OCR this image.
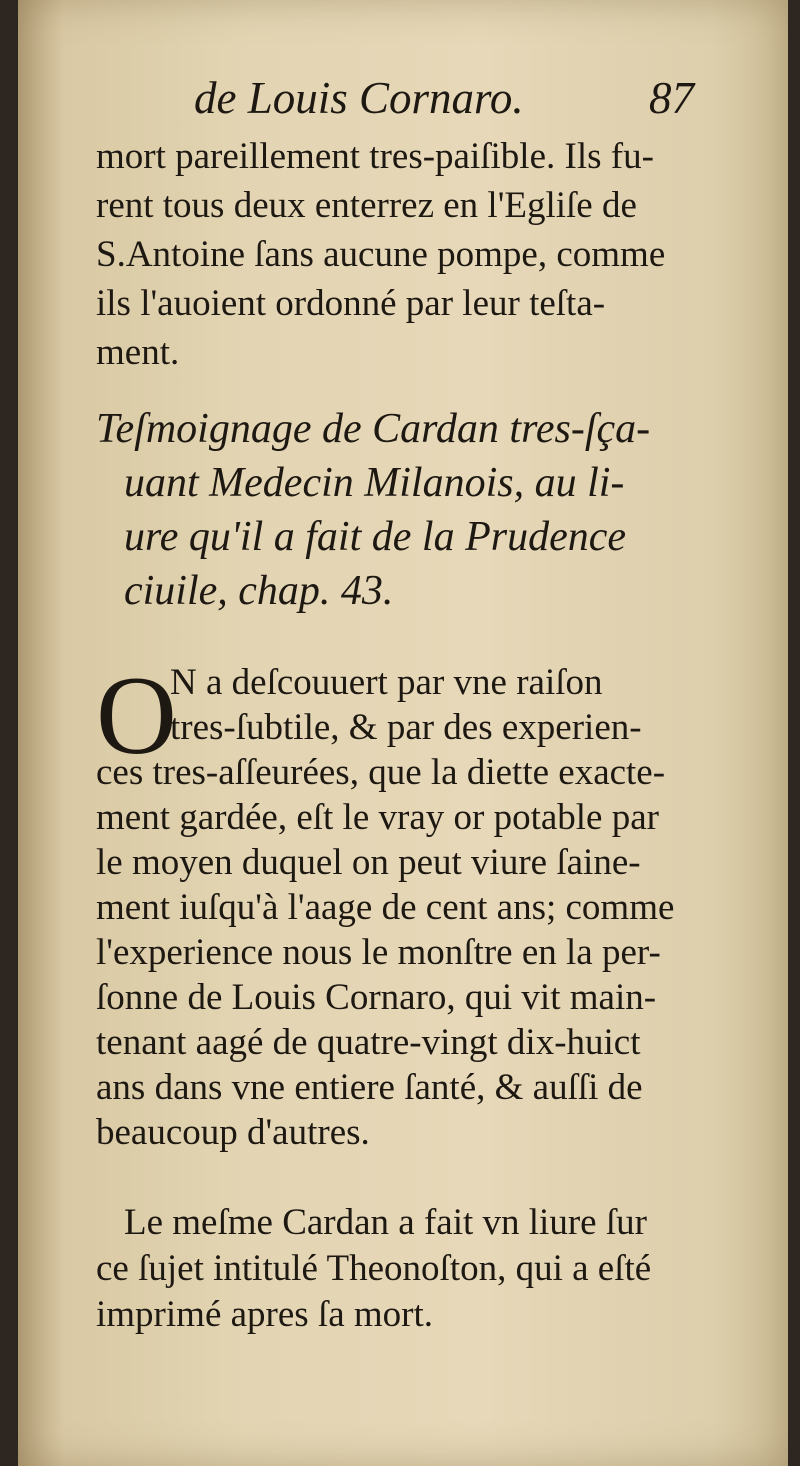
de Louis Cornaro.	87
mort pareillement tres-paiſible. Ils fu-
rent tous deux enterrez en l'Egliſe de
S.Antoine ſans aucune pompe, comme
ils l'auoient ordonné par leur teſta-
ment.
Teſmoignage de Cardan tres-ſça-
uant Medecin Milanois, au li-
ure qu'il a fait de la Prudence
ciuile, chap. 43.
O
N a deſcouuert par vne raiſon
tres-ſubtile, & par des experien-
ces tres-aſſeurées, que la diette exacte-
ment gardée, eſt le vray or potable par
le moyen duquel on peut viure ſaine-
ment iuſqu'à l'aage de cent ans; comme
l'experience nous le monſtre en la per-
ſonne de Louis Cornaro, qui vit main-
tenant aagé de quatre-vingt dix-huict
ans dans vne entiere ſanté, & auſſi de
beaucoup d'autres.
Le meſme Cardan a fait vn liure ſur
ce ſujet intitulé Theonoſton, qui a eſté
imprimé apres ſa mort.
